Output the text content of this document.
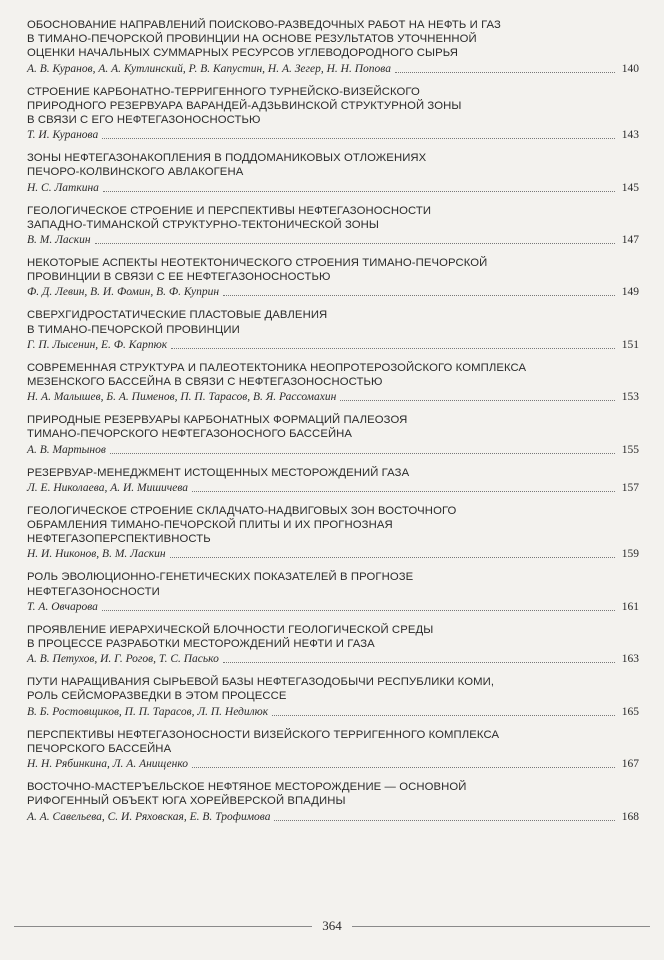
ОБОСНОВАНИЕ НАПРАВЛЕНИЙ ПОИСКОВО-РАЗВЕДОЧНЫХ РАБОТ НА НЕФТЬ И ГАЗ
В ТИМАНО-ПЕЧОРСКОЙ ПРОВИНЦИИ НА ОСНОВЕ РЕЗУЛЬТАТОВ УТОЧНЕННОЙ
ОЦЕНКИ НАЧАЛЬНЫХ СУММАРНЫХ РЕСУРСОВ УГЛЕВОДОРОДНОГО СЫРЬЯ
А. В. Куранов, А. А. Кутлинский, Р. В. Капустин, Н. А. Зегер, Н. Н. Попова	140
СТРОЕНИЕ КАРБОНАТНО-ТЕРРИГЕННОГО ТУРНЕЙСКО-ВИЗЕЙСКОГО
ПРИРОДНОГО РЕЗЕРВУАРА ВАРАНДЕЙ-АДЗЬВИНСКОЙ СТРУКТУРНОЙ ЗОНЫ
В СВЯЗИ С ЕГО НЕФТЕГАЗОНОСНОСТЬЮ
Т. И. Куранова	143
ЗОНЫ НЕФТЕГАЗОНАКОПЛЕНИЯ В ПОДДОМАНИКОВЫХ ОТЛОЖЕНИЯХ
ПЕЧОРО-КОЛВИНСКОГО АВЛАКОГЕНА
Н. С. Латкина	145
ГЕОЛОГИЧЕСКОЕ СТРОЕНИЕ И ПЕРСПЕКТИВЫ НЕФТЕГАЗОНОСНОСТИ
ЗАПАДНО-ТИМАНСКОЙ СТРУКТУРНО-ТЕКТОНИЧЕСКОЙ ЗОНЫ
В. М. Ласкин	147
НЕКОТОРЫЕ АСПЕКТЫ НЕОТЕКТОНИЧЕСКОГО СТРОЕНИЯ ТИМАНО-ПЕЧОРСКОЙ
ПРОВИНЦИИ В СВЯЗИ С ЕЕ НЕФТЕГАЗОНОСНОСТЬЮ
Ф. Д. Левин, В. И. Фомин, В. Ф. Куприн	149
СВЕРХГИДРОСТАТИЧЕСКИЕ ПЛАСТОВЫЕ ДАВЛЕНИЯ
В ТИМАНО-ПЕЧОРСКОЙ ПРОВИНЦИИ
Г. П. Лысенин, Е. Ф. Карпюк	151
СОВРЕМЕННАЯ СТРУКТУРА И ПАЛЕОТЕКТОНИКА НЕОПРОТЕРОЗОЙСКОГО КОМПЛЕКСА
МЕЗЕНСКОГО БАССЕЙНА В СВЯЗИ С НЕФТЕГАЗОНОСНОСТЬЮ
Н. А. Малышев, Б. А. Пименов, П. П. Тарасов, В. Я. Рассомахин	153
ПРИРОДНЫЕ РЕЗЕРВУАРЫ КАРБОНАТНЫХ ФОРМАЦИЙ ПАЛЕОЗОЯ
ТИМАНО-ПЕЧОРСКОГО НЕФТЕГАЗОНОСНОГО БАССЕЙНА
А. В. Мартынов	155
РЕЗЕРВУАР-МЕНЕДЖМЕНТ ИСТОЩЕННЫХ МЕСТОРОЖДЕНИЙ ГАЗА
Л. Е. Николаева, А. И. Мишичева	157
ГЕОЛОГИЧЕСКОЕ СТРОЕНИЕ СКЛАДЧАТО-НАДВИГОВЫХ ЗОН ВОСТОЧНОГО
ОБРАМЛЕНИЯ ТИМАНО-ПЕЧОРСКОЙ ПЛИТЫ И ИХ ПРОГНОЗНАЯ
НЕФТЕГАЗОПЕРСПЕКТИВНОСТЬ
Н. И. Никонов, В. М. Ласкин	159
РОЛЬ ЭВОЛЮЦИОННО-ГЕНЕТИЧЕСКИХ ПОКАЗАТЕЛЕЙ В ПРОГНОЗЕ
НЕФТЕГАЗОНОСНОСТИ
Т. А. Овчарова	161
ПРОЯВЛЕНИЕ ИЕРАРХИЧЕСКОЙ БЛОЧНОСТИ ГЕОЛОГИЧЕСКОЙ СРЕДЫ
В ПРОЦЕССЕ РАЗРАБОТКИ МЕСТОРОЖДЕНИЙ НЕФТИ И ГАЗА
А. В. Петухов, И. Г. Рогов, Т. С. Пасько	163
ПУТИ НАРАЩИВАНИЯ СЫРЬЕВОЙ БАЗЫ НЕФТЕГАЗОДОБЫЧИ РЕСПУБЛИКИ КОМИ,
РОЛЬ СЕЙСМОРАЗВЕДКИ В ЭТОМ ПРОЦЕССЕ
В. Б. Ростовщиков, П. П. Тарасов, Л. П. Недилюк	165
ПЕРСПЕКТИВЫ НЕФТЕГАЗОНОСНОСТИ ВИЗЕЙСКОГО ТЕРРИГЕННОГО КОМПЛЕКСА
ПЕЧОРСКОГО БАССЕЙНА
Н. Н. Рябинкина, Л. А. Анищенко	167
ВОСТОЧНО-МАСТЕРЪЕЛЬСКОЕ НЕФТЯНОЕ МЕСТОРОЖДЕНИЕ — ОСНОВНОЙ
РИФОГЕННЫЙ ОБЪЕКТ ЮГА ХОРЕЙВЕРСКОЙ ВПАДИНЫ
А. А. Савельева, С. И. Ряховская, Е. В. Трофимова	168
364
